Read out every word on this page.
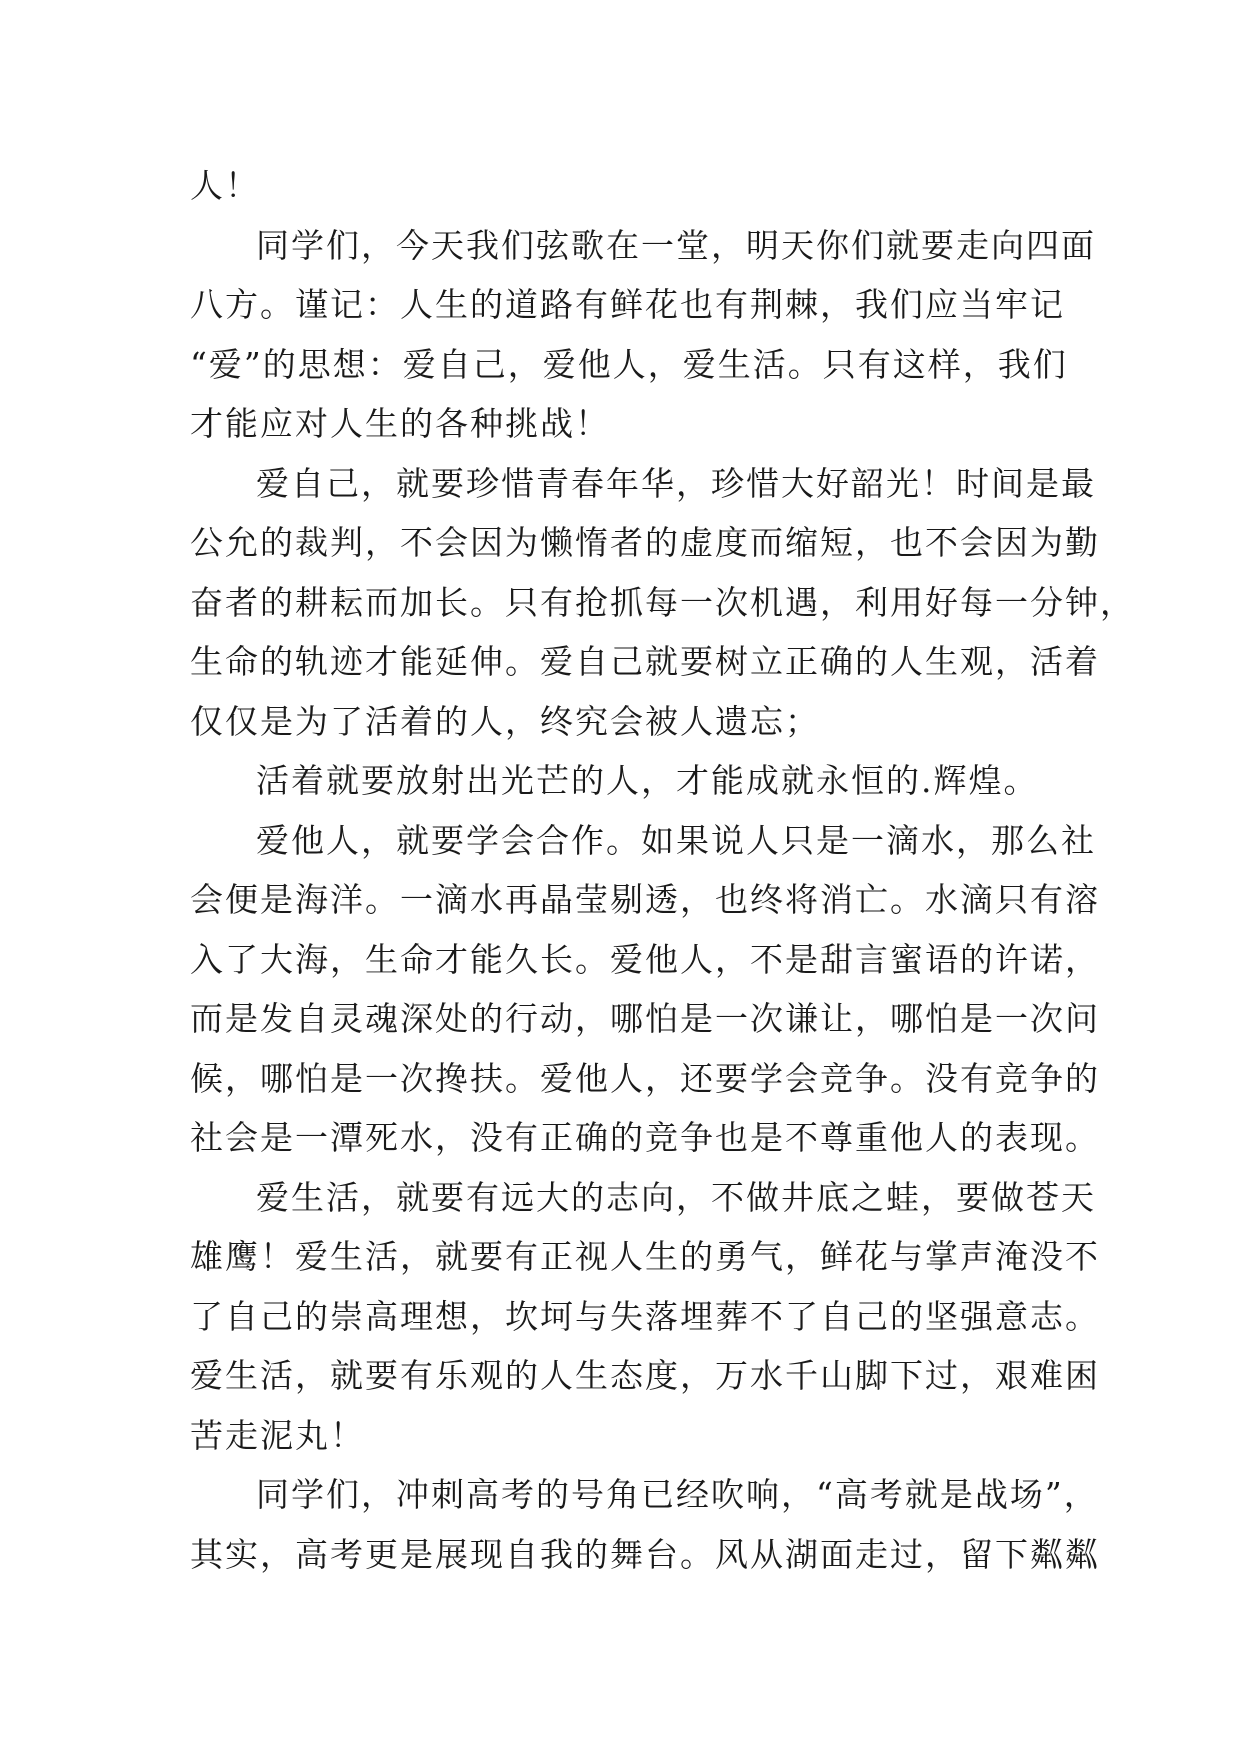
人！
同学们，今天我们弦歌在一堂，明天你们就要走向四面
八方。谨记：人生的道路有鲜花也有荆棘，我们应当牢记
“爱”的思想：爱自己，爱他人，爱生活。只有这样，我们
才能应对人生的各种挑战！
爱自己，就要珍惜青春年华，珍惜大好韶光！时间是最
公允的裁判，不会因为懒惰者的虚度而缩短，也不会因为勤
奋者的耕耘而加长。只有抢抓每一次机遇，利用好每一分钟，
生命的轨迹才能延伸。爱自己就要树立正确的人生观，活着
仅仅是为了活着的人，终究会被人遗忘；
活着就要放射出光芒的人，才能成就永恒的.辉煌。
爱他人，就要学会合作。如果说人只是一滴水，那么社
会便是海洋。一滴水再晶莹剔透，也终将消亡。水滴只有溶
入了大海，生命才能久长。爱他人，不是甜言蜜语的许诺，
而是发自灵魂深处的行动，哪怕是一次谦让，哪怕是一次问
候，哪怕是一次搀扶。爱他人，还要学会竞争。没有竞争的
社会是一潭死水，没有正确的竞争也是不尊重他人的表现。
爱生活，就要有远大的志向，不做井底之蛙，要做苍天
雄鹰！爱生活，就要有正视人生的勇气，鲜花与掌声淹没不
了自己的崇高理想，坎坷与失落埋葬不了自己的坚强意志。
爱生活，就要有乐观的人生态度，万水千山脚下过，艰难困
苦走泥丸！
同学们，冲刺高考的号角已经吹响，“高考就是战场”，
其实，高考更是展现自我的舞台。风从湖面走过，留下粼粼
